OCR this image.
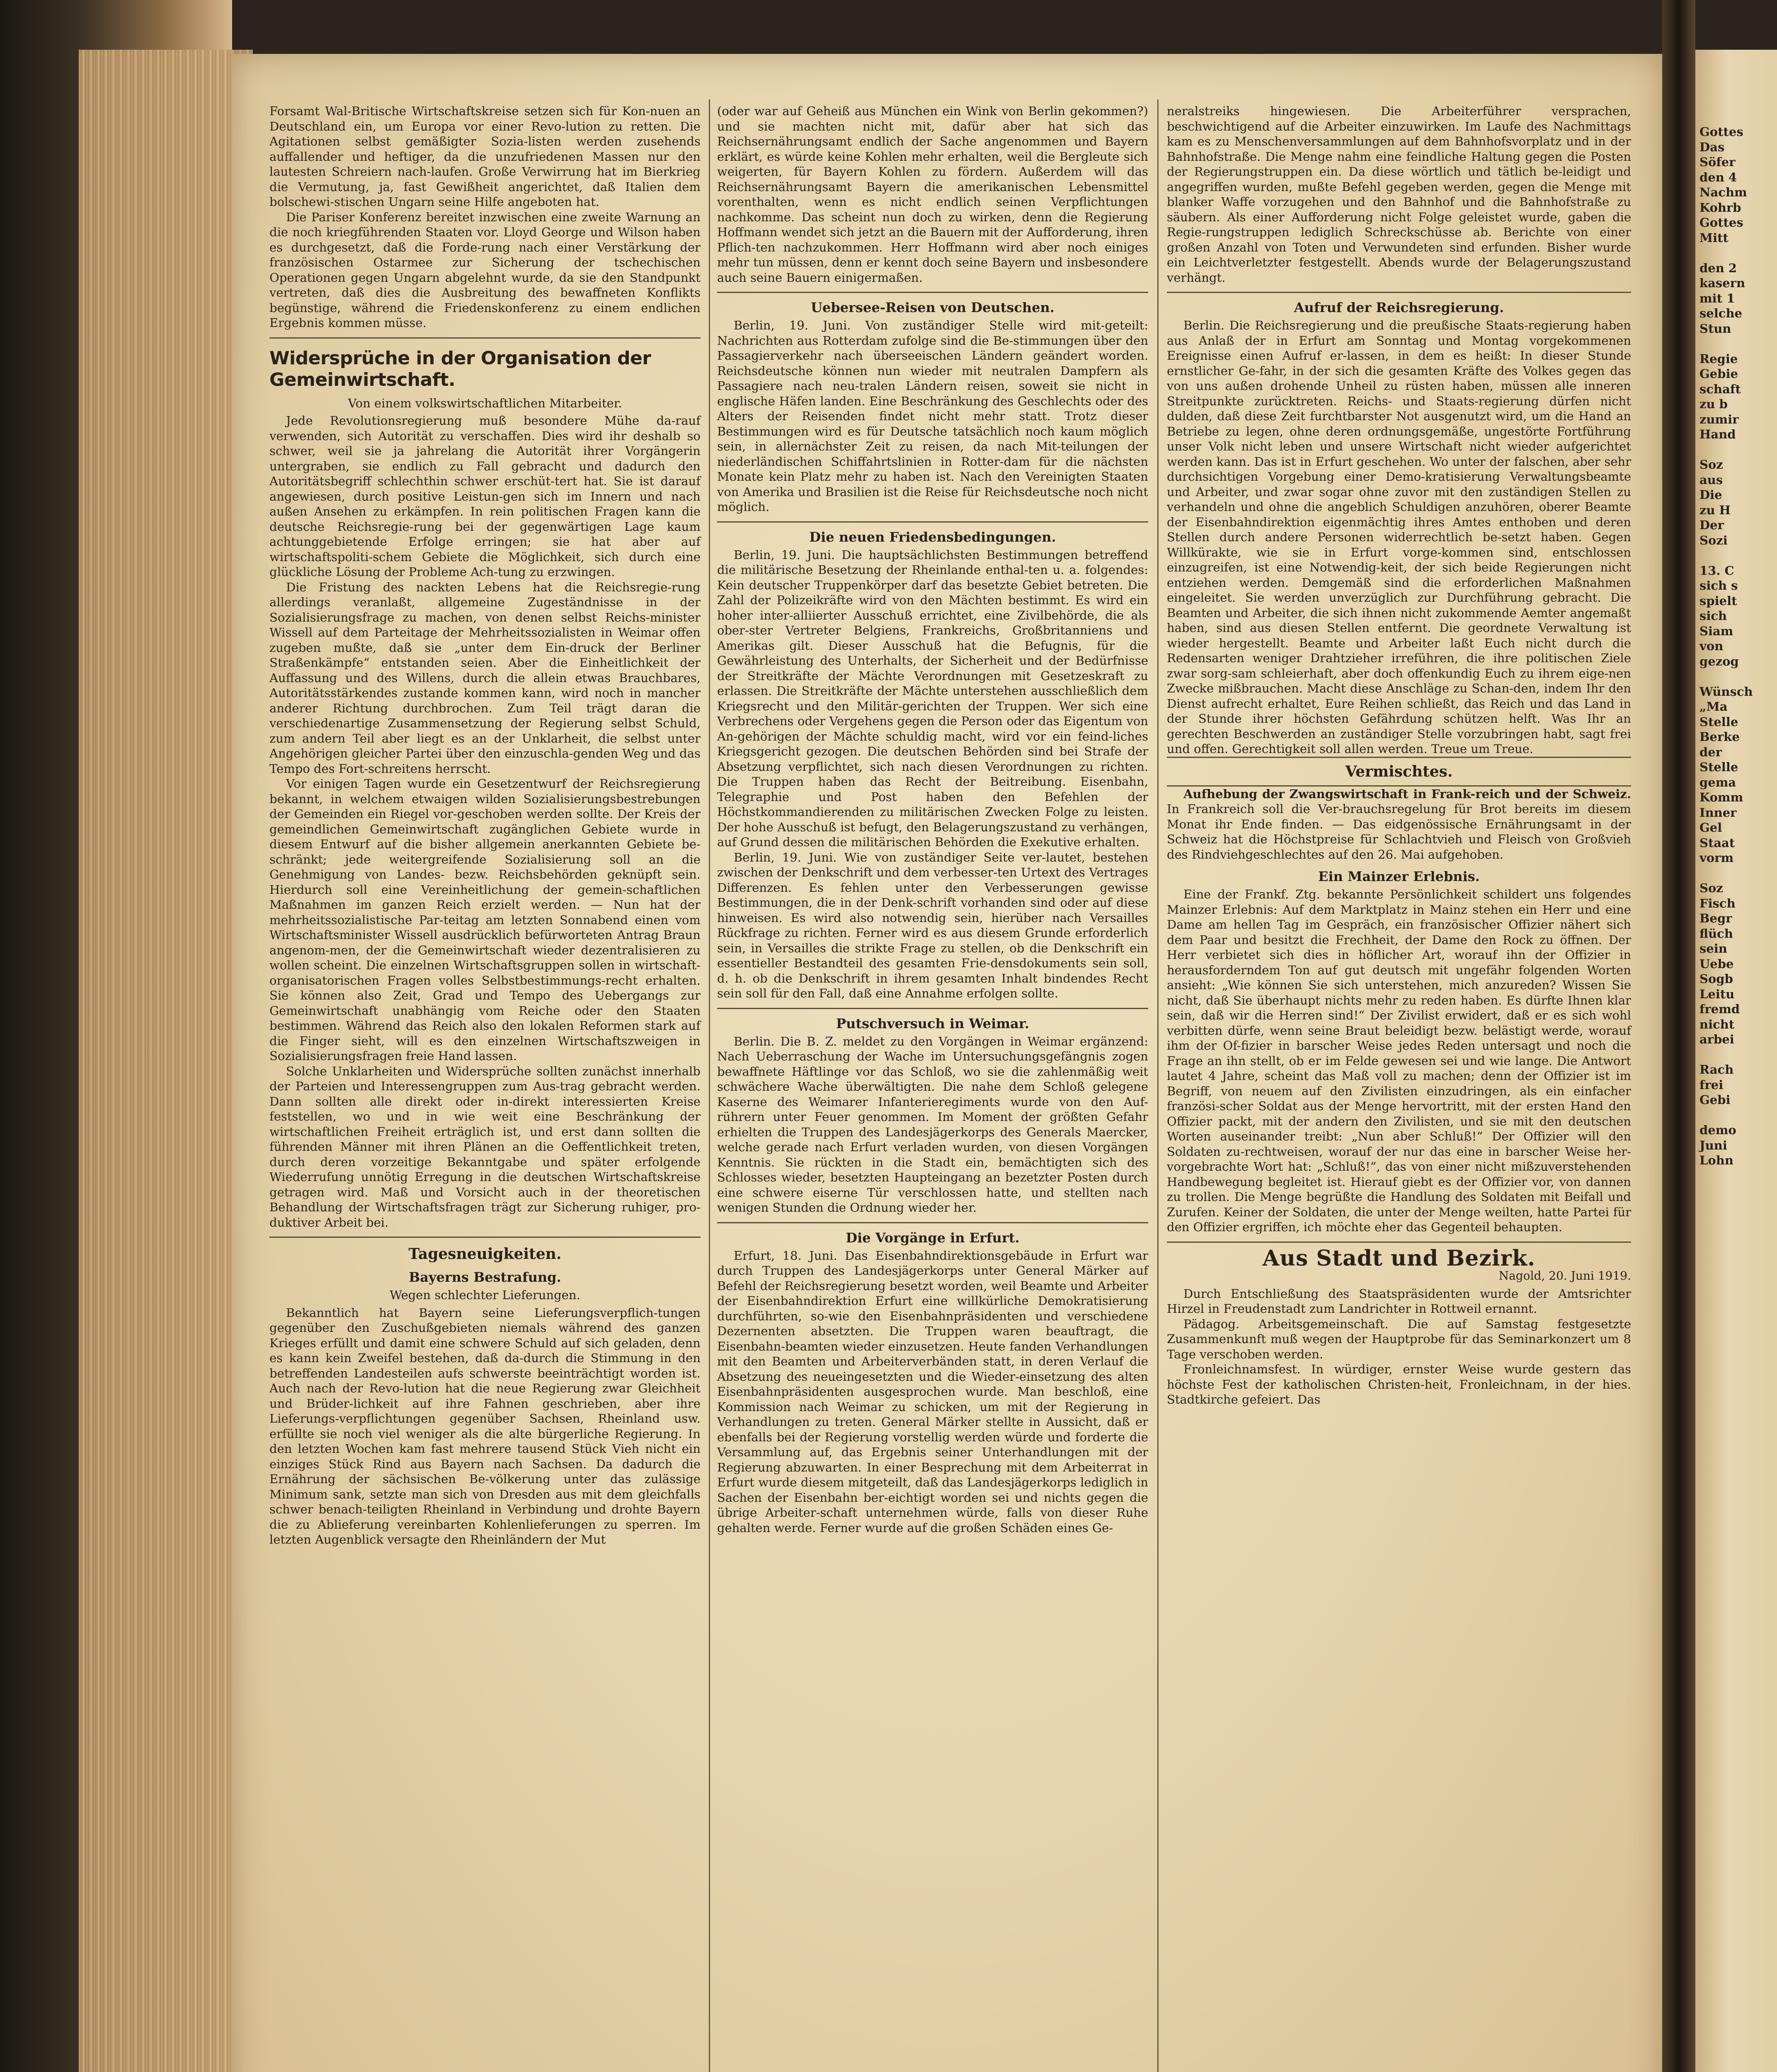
Forsamt Wal-Britische Wirtschaftskreise setzen sich für Kon-nuen an Deutschland ein, um Europa vor einer Revo-lution zu retten. Die Agitationen selbst gemäßigter Sozia-listen werden zusehends auffallender und heftiger, da die unzufriedenen Massen nur den lautesten Schreiern nach-laufen. Große Verwirrung hat im Bierkrieg die Vermutung, ja, fast Gewißheit angerichtet, daß Italien dem bolschewi-stischen Ungarn seine Hilfe angeboten hat.

Die Pariser Konferenz bereitet inzwischen eine zweite Warnung an die noch kriegführenden Staaten vor. Lloyd George und Wilson haben es durchgesetzt, daß die Forde-rung nach einer Verstärkung der französischen Ostarmee zur Sicherung der tschechischen Operationen gegen Ungarn abgelehnt wurde, da sie den Standpunkt vertreten, daß dies die Ausbreitung des bewaffneten Konflikts begünstige, während die Friedenskonferenz zu einem endlichen Ergebnis kommen müsse.

Widersprüche in der Organisation der Gemeinwirtschaft.
Von einem volkswirtschaftlichen Mitarbeiter.

Jede Revolutionsregierung muß besondere Mühe da-rauf verwenden, sich Autorität zu verschaffen. Dies wird ihr deshalb so schwer, weil sie ja jahrelang die Autorität ihrer Vorgängerin untergraben, sie endlich zu Fall gebracht und dadurch den Autoritätsbegriff schlechthin schwer erschüt-tert hat. Sie ist darauf angewiesen, durch positive Leistun-gen sich im Innern und nach außen Ansehen zu erkämpfen. In rein politischen Fragen kann die deutsche Reichsregie-rung bei der gegenwärtigen Lage kaum achtunggebietende Erfolge erringen; sie hat aber auf wirtschaftspoliti-schem Gebiete die Möglichkeit, sich durch eine glückliche Lösung der Probleme Ach-tung zu erzwingen.

Die Fristung des nackten Lebens hat die Reichsregie-rung allerdings veranlaßt, allgemeine Zugeständnisse in der Sozialisierungsfrage zu machen, von denen selbst Reichs-minister Wissell auf dem Parteitage der Mehrheitssozialisten in Weimar offen zugeben mußte, daß sie „unter dem Ein-druck der Berliner Straßenkämpfe“ entstanden seien. Aber die Einheitlichkeit der Auffassung und des Willens, durch die allein etwas Brauchbares, Autoritätsstärkendes zustande kommen kann, wird noch in mancher anderer Richtung durchbrochen. Zum Teil trägt daran die verschiedenartige Zusammensetzung der Regierung selbst Schuld, zum andern Teil aber liegt es an der Unklarheit, die selbst unter Angehörigen gleicher Partei über den einzuschla-genden Weg und das Tempo des Fort-schreitens herrscht.

Vor einigen Tagen wurde ein Gesetzentwurf der Reichsregierung bekannt, in welchem etwaigen wilden Sozialisierungsbestrebungen der Gemeinden ein Riegel vor-geschoben werden sollte. Der Kreis der gemeindlichen Gemeinwirtschaft zugänglichen Gebiete wurde in diesem Entwurf auf die bisher allgemein anerkannten Gebiete be-schränkt; jede weitergreifende Sozialisierung soll an die Genehmigung von Landes- bezw. Reichsbehörden geknüpft sein. Hierdurch soll eine Vereinheitlichung der gemein-schaftlichen Maßnahmen im ganzen Reich erzielt werden. — Nun hat der mehrheitssozialistische Par-teitag am letzten Sonnabend einen vom Wirtschaftsminister Wissell ausdrücklich befürworteten Antrag Braun angenom-men, der die Gemeinwirtschaft wieder dezentralisieren zu wollen scheint. Die einzelnen Wirtschaftsgruppen sollen in wirtschaft-organisatorischen Fragen volles Selbstbestimmungs-recht erhalten. Sie können also Zeit, Grad und Tempo des Uebergangs zur Gemeinwirtschaft unabhängig vom Reiche oder den Staaten bestimmen. Während das Reich also den lokalen Reformen stark auf die Finger sieht, will es den einzelnen Wirtschaftszweigen in Sozialisierungsfragen freie Hand lassen.

Solche Unklarheiten und Widersprüche sollten zunächst innerhalb der Parteien und Interessengruppen zum Aus-trag gebracht werden. Dann sollten alle direkt oder in-direkt interessierten Kreise feststellen, wo und in wie weit eine Beschränkung der wirtschaftlichen Freiheit erträglich ist, und erst dann sollten die führenden Männer mit ihren Plänen an die Oeffentlichkeit treten, durch deren vorzeitige Bekanntgabe und später erfolgende Wiederrufung unnötig Erregung in die deutschen Wirtschaftskreise getragen wird. Maß und Vorsicht auch in der theoretischen Behandlung der Wirtschaftsfragen trägt zur Sicherung ruhiger, pro-duktiver Arbeit bei.

Tagesneuigkeiten.
Bayerns Bestrafung.
Wegen schlechter Lieferungen.

Bekanntlich hat Bayern seine Lieferungsverpflich-tungen gegenüber den Zuschußgebieten niemals während des ganzen Krieges erfüllt und damit eine schwere Schuld auf sich geladen, denn es kann kein Zweifel bestehen, daß da-durch die Stimmung in den betreffenden Landesteilen aufs schwerste beeinträchtigt worden ist. Auch nach der Revo-lution hat die neue Regierung zwar Gleichheit und Brüder-lichkeit auf ihre Fahnen geschrieben, aber ihre Lieferungs-verpflichtungen gegenüber Sachsen, Rheinland usw. erfüllte sie noch viel weniger als die alte bürgerliche Regierung. In den letzten Wochen kam fast mehrere tausend Stück Vieh nicht ein einziges Stück Rind aus Bayern nach Sachsen. Da dadurch die Ernährung der sächsischen Be-völkerung unter das zulässige Minimum sank, setzte man sich von Dresden aus mit dem gleichfalls schwer benach-teiligten Rheinland in Verbindung und drohte Bayern die zu Ablieferung vereinbarten Kohlenlieferungen zu sperren. Im letzten Augenblick versagte den Rheinländern der Mut

(oder war auf Geheiß aus München ein Wink von Berlin gekommen?) und sie machten nicht mit, dafür aber hat sich das Reichsernährungsamt endlich der Sache angenommen und Bayern erklärt, es würde keine Kohlen mehr erhalten, weil die Bergleute sich weigerten, für Bayern Kohlen zu fördern. Außerdem will das Reichsernährungsamt Bayern die amerikanischen Lebensmittel vorenthalten, wenn es nicht endlich seinen Verpflichtungen nachkomme. Das scheint nun doch zu wirken, denn die Regierung Hoffmann wendet sich jetzt an die Bauern mit der Aufforderung, ihren Pflich-ten nachzukommen. Herr Hoffmann wird aber noch einiges mehr tun müssen, denn er kennt doch seine Bayern und insbesondere auch seine Bauern einigermaßen.

Uebersee-Reisen von Deutschen.

Berlin, 19. Juni. Von zuständiger Stelle wird mit-geteilt: Nachrichten aus Rotterdam zufolge sind die Be-stimmungen über den Passagierverkehr nach überseeischen Ländern geändert worden. Reichsdeutsche können nun wieder mit neutralen Dampfern als Passagiere nach neu-tralen Ländern reisen, soweit sie nicht in englische Häfen landen. Eine Beschränkung des Geschlechts oder des Alters der Reisenden findet nicht mehr statt. Trotz dieser Bestimmungen wird es für Deutsche tatsächlich noch kaum möglich sein, in allernächster Zeit zu reisen, da nach Mit-teilungen der niederländischen Schiffahrtslinien in Rotter-dam für die nächsten Monate kein Platz mehr zu haben ist. Nach den Vereinigten Staaten von Amerika und Brasilien ist die Reise für Reichsdeutsche noch nicht möglich.

Die neuen Friedensbedingungen.

Berlin, 19. Juni. Die hauptsächlichsten Bestimmungen betreffend die militärische Besetzung der Rheinlande enthal-ten u. a. folgendes: Kein deutscher Truppenkörper darf das besetzte Gebiet betreten. Die Zahl der Polizeikräfte wird von den Mächten bestimmt. Es wird ein hoher inter-alliierter Ausschuß errichtet, eine Zivilbehörde, die als ober-ster Vertreter Belgiens, Frankreichs, Großbritanniens und Amerikas gilt. Dieser Ausschuß hat die Befugnis, für die Gewährleistung des Unterhalts, der Sicherheit und der Bedürfnisse der Streitkräfte der Mächte Verordnungen mit Gesetzeskraft zu erlassen. Die Streitkräfte der Mächte unterstehen ausschließlich dem Kriegsrecht und den Militär-gerichten der Truppen. Wer sich eine Verbrechens oder Vergehens gegen die Person oder das Eigentum von An-gehörigen der Mächte schuldig macht, wird vor ein feind-liches Kriegsgericht gezogen. Die deutschen Behörden sind bei Strafe der Absetzung verpflichtet, sich nach diesen Verordnungen zu richten. Die Truppen haben das Recht der Beitreibung. Eisenbahn, Telegraphie und Post haben den Befehlen der Höchstkommandierenden zu militärischen Zwecken Folge zu leisten. Der hohe Ausschuß ist befugt, den Belagerungszustand zu verhängen, auf Grund dessen die militärischen Behörden die Exekutive erhalten.

Berlin, 19. Juni. Wie von zuständiger Seite ver-lautet, bestehen zwischen der Denkschrift und dem verbesser-ten Urtext des Vertrages Differenzen. Es fehlen unter den Verbesserungen gewisse Bestimmungen, die in der Denk-schrift vorhanden sind oder auf diese hinweisen. Es wird also notwendig sein, hierüber nach Versailles Rückfrage zu richten. Ferner wird es aus diesem Grunde erforderlich sein, in Versailles die strikte Frage zu stellen, ob die Denkschrift ein essentieller Bestandteil des gesamten Frie-densdokuments sein soll, d. h. ob die Denkschrift in ihrem gesamten Inhalt bindendes Recht sein soll für den Fall, daß eine Annahme erfolgen sollte.

Putschversuch in Weimar.

Berlin. Die B. Z. meldet zu den Vorgängen in Weimar ergänzend: Nach Ueberraschung der Wache im Untersuchungsgefängnis zogen bewaffnete Häftlinge vor das Schloß, wo sie die zahlenmäßig weit schwächere Wache überwältigten. Die nahe dem Schloß gelegene Kaserne des Weimarer Infanterieregiments wurde von den Auf-rührern unter Feuer genommen. Im Moment der größten Gefahr erhielten die Truppen des Landesjägerkorps des Generals Maercker, welche gerade nach Erfurt verladen wurden, von diesen Vorgängen Kenntnis. Sie rückten in die Stadt ein, bemächtigten sich des Schlosses wieder, besetzten Haupteingang an bezetzter Posten durch eine schwere eiserne Tür verschlossen hatte, und stellten nach wenigen Stunden die Ordnung wieder her.

Die Vorgänge in Erfurt.

Erfurt, 18. Juni. Das Eisenbahndirektionsgebäude in Erfurt war durch Truppen des Landesjägerkorps unter General Märker auf Befehl der Reichsregierung besetzt worden, weil Beamte und Arbeiter der Eisenbahndirektion Erfurt eine willkürliche Demokratisierung durchführten, so-wie den Eisenbahnpräsidenten und verschiedene Dezernenten absetzten. Die Truppen waren beauftragt, die Eisenbahn-beamten wieder einzusetzen. Heute fanden Verhandlungen mit den Beamten und Arbeiterverbänden statt, in deren Verlauf die Absetzung des neueingesetzten und die Wieder-einsetzung des alten Eisenbahnpräsidenten ausgesprochen wurde. Man beschloß, eine Kommission nach Weimar zu schicken, um mit der Regierung in Verhandlungen zu treten. General Märker stellte in Aussicht, daß er ebenfalls bei der Regierung vorstellig werden würde und forderte die Versammlung auf, das Ergebnis seiner Unterhandlungen mit der Regierung abzuwarten. In einer Besprechung mit dem Arbeiterrat in Erfurt wurde diesem mitgeteilt, daß das Landesjägerkorps lediglich in Sachen der Eisenbahn ber-eichtigt worden sei und nichts gegen die übrige Arbeiter-schaft unternehmen würde, falls von dieser Ruhe gehalten werde. Ferner wurde auf die großen Schäden eines Ge-

neralstreiks hingewiesen. Die Arbeiterführer versprachen, beschwichtigend auf die Arbeiter einzuwirken. Im Laufe des Nachmittags kam es zu Menschenversammlungen auf dem Bahnhofsvorplatz und in der Bahnhofstraße. Die Menge nahm eine feindliche Haltung gegen die Posten der Regierungstruppen ein. Da diese wörtlich und tätlich be-leidigt und angegriffen wurden, mußte Befehl gegeben werden, gegen die Menge mit blanker Waffe vorzugehen und den Bahnhof und die Bahnhofstraße zu säubern. Als einer Aufforderung nicht Folge geleistet wurde, gaben die Regie-rungstruppen lediglich Schreckschüsse ab. Berichte von einer großen Anzahl von Toten und Verwundeten sind erfunden. Bisher wurde ein Leichtverletzter festgestellt. Abends wurde der Belagerungszustand verhängt.

Aufruf der Reichsregierung.

Berlin. Die Reichsregierung und die preußische Staats-regierung haben aus Anlaß der in Erfurt am Sonntag und Montag vorgekommenen Ereignisse einen Aufruf er-lassen, in dem es heißt: In dieser Stunde ernstlicher Ge-fahr, in der sich die gesamten Kräfte des Volkes gegen das von uns außen drohende Unheil zu rüsten haben, müssen alle inneren Streitpunkte zurücktreten. Reichs- und Staats-regierung dürfen nicht dulden, daß diese Zeit furchtbarster Not ausgenutzt wird, um die Hand an Betriebe zu legen, ohne deren ordnungsgemäße, ungestörte Fortführung unser Volk nicht leben und unsere Wirtschaft nicht wieder aufgerichtet werden kann. Das ist in Erfurt geschehen. Wo unter der falschen, aber sehr durchsichtigen Vorgebung einer Demo-kratisierung Verwaltungsbeamte und Arbeiter, und zwar sogar ohne zuvor mit den zuständigen Stellen zu verhandeln und ohne die angeblich Schuldigen anzuhören, oberer Beamte der Eisenbahndirektion eigenmächtig ihres Amtes enthoben und deren Stellen durch andere Personen widerrechtlich be-setzt haben. Gegen Willkürakte, wie sie in Erfurt vorge-kommen sind, entschlossen einzugreifen, ist eine Notwendig-keit, der sich beide Regierungen nicht entziehen werden. Demgemäß sind die erforderlichen Maßnahmen eingeleitet. Sie werden unverzüglich zur Durchführung gebracht. Die Beamten und Arbeiter, die sich ihnen nicht zukommende Aemter angemaßt haben, sind aus diesen Stellen entfernt. Die geordnete Verwaltung ist wieder hergestellt. Beamte und Arbeiter laßt Euch nicht durch die Redensarten weniger Drahtzieher irreführen, die ihre politischen Ziele zwar sorg-sam schleierhaft, aber doch offenkundig Euch zu ihrem eige-nen Zwecke mißbrauchen. Macht diese Anschläge zu Schan-den, indem Ihr den Dienst aufrecht erhaltet, Eure Reihen schließt, das Reich und das Land in der Stunde ihrer höchsten Gefährdung schützen helft. Was Ihr an gerechten Beschwerden an zuständiger Stelle vorzubringen habt, sagt frei und offen. Gerechtigkeit soll allen werden. Treue um Treue.

Vermischtes.

Aufhebung der Zwangswirtschaft in Frank-reich und der Schweiz. In Frankreich soll die Ver-brauchsregelung für Brot bereits im diesem Monat ihr Ende finden. — Das eidgenössische Ernährungsamt in der Schweiz hat die Höchstpreise für Schlachtvieh und Fleisch von Großvieh des Rindviehgeschlechtes auf den 26. Mai aufgehoben.

Ein Mainzer Erlebnis.

Eine der Frankf. Ztg. bekannte Persönlichkeit schildert uns folgendes Mainzer Erlebnis: Auf dem Marktplatz in Mainz stehen ein Herr und eine Dame am hellen Tag im Gespräch, ein französischer Offizier nähert sich dem Paar und besitzt die Frechheit, der Dame den Rock zu öffnen. Der Herr verbietet sich dies in höflicher Art, worauf ihn der Offizier in herausforderndem Ton auf gut deutsch mit ungefähr folgenden Worten ansieht: „Wie können Sie sich unterstehen, mich anzureden? Wissen Sie nicht, daß Sie überhaupt nichts mehr zu reden haben. Es dürfte Ihnen klar sein, daß wir die Herren sind!“ Der Zivilist erwidert, daß er es sich wohl verbitten dürfe, wenn seine Braut beleidigt bezw. belästigt werde, worauf ihm der Of-fizier in barscher Weise jedes Reden untersagt und noch die Frage an ihn stellt, ob er im Felde gewesen sei und wie lange. Die Antwort lautet 4 Jahre, scheint das Maß voll zu machen; denn der Offizier ist im Begriff, von neuem auf den Zivilisten einzudringen, als ein einfacher französi-scher Soldat aus der Menge hervortritt, mit der ersten Hand den Offizier packt, mit der andern den Zivilisten, und sie mit den deutschen Worten auseinander treibt: „Nun aber Schluß!“ Der Offizier will den Soldaten zu-rechtweisen, worauf der nur das eine in barscher Weise her-vorgebrachte Wort hat: „Schluß!“, das von einer nicht mißzuverstehenden Handbewegung begleitet ist. Hierauf giebt es der Offizier vor, von dannen zu trollen. Die Menge begrüßte die Handlung des Soldaten mit Beifall und Zurufen. Keiner der Soldaten, die unter der Menge weilten, hatte Partei für den Offizier ergriffen, ich möchte eher das Gegenteil behaupten.

Aus Stadt und Bezirk.
Nagold, 20. Juni 1919.

Durch Entschließung des Staatspräsidenten wurde der Amtsrichter Hirzel in Freudenstadt zum Landrichter in Rottweil ernannt.

Pädagog. Arbeitsgemeinschaft. Die auf Samstag festgesetzte Zusammenkunft muß wegen der Hauptprobe für das Seminarkonzert um 8 Tage verschoben werden.

Fronleichnamsfest. In würdiger, ernster Weise wurde gestern das höchste Fest der katholischen Christen-heit, Fronleichnam, in der hies. Stadtkirche gefeiert. Das

Gottes
Das
Söfer
den 4
Nachm
Kohrb
Gottes
Mitt

den 2
kasern
mit 1
selche
Stun

Regie
Gebie
schaft
zu b
zumir
Hand

Soz
aus
Die
zu H
Der
Sozi

13. C
sich s
spielt
sich
Siam
von
gezog

Wünsch
„Ma
Stelle
Berke
der
Stelle
gema
Komm
Inner
Gel
Staat
vorm

Soz
Fisch
Begr
flüch
sein
Uebe
Sogb
Leitu
fremd
nicht
arbei

Rach
frei
Gebi

demo
Juni
Lohn
